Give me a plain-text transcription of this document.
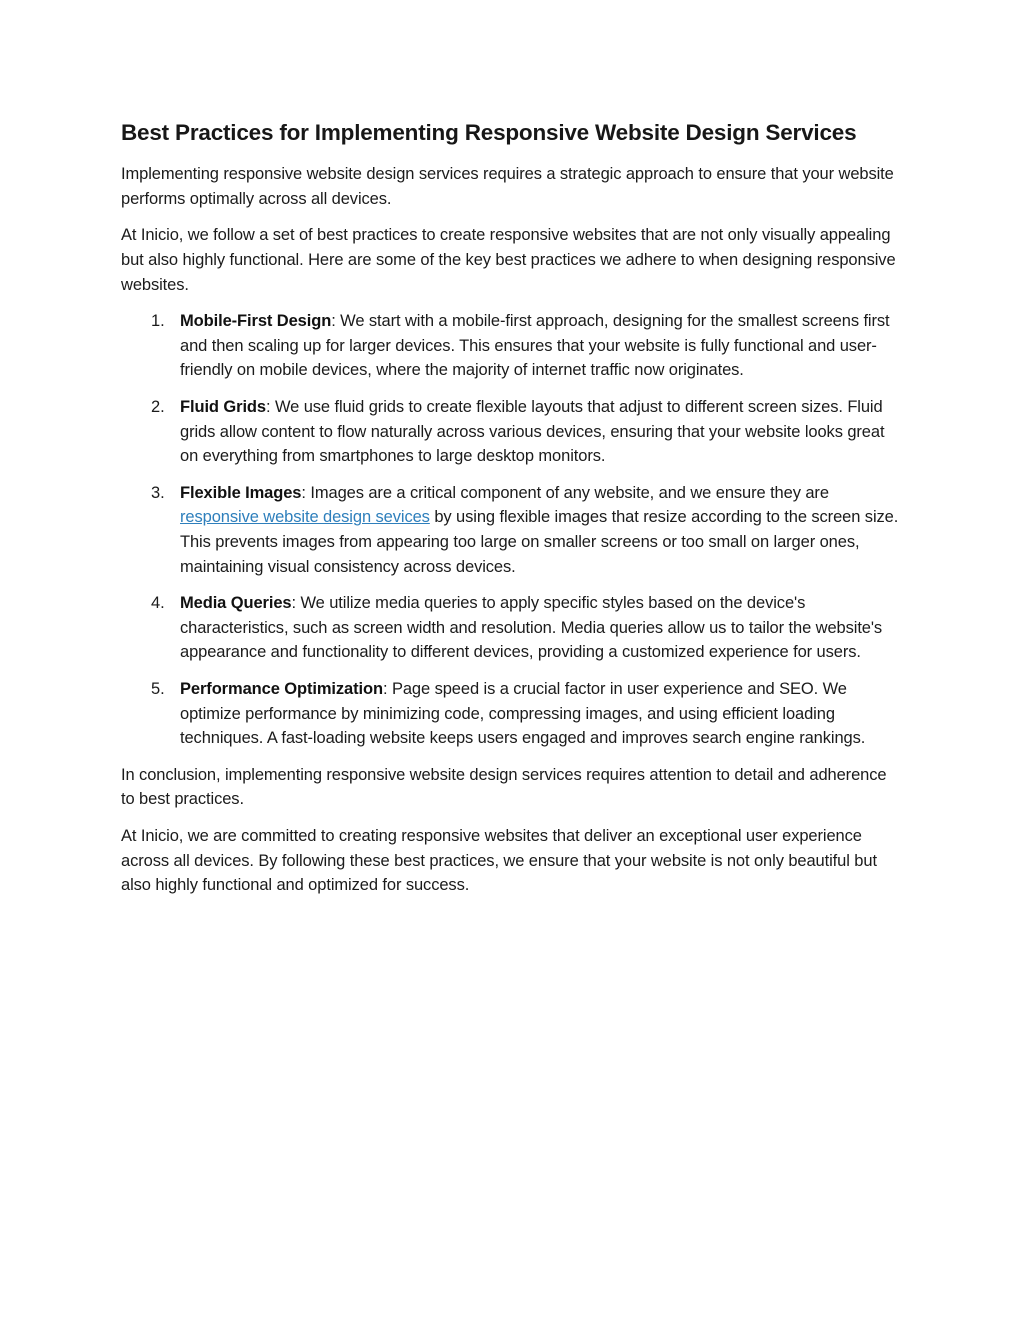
Best Practices for Implementing Responsive Website Design Services

Implementing responsive website design services requires a strategic approach to ensure that your website performs optimally across all devices.

At Inicio, we follow a set of best practices to create responsive websites that are not only visually appealing but also highly functional. Here are some of the key best practices we adhere to when designing responsive websites.

1. Mobile-First Design: We start with a mobile-first approach, designing for the smallest screens first and then scaling up for larger devices. This ensures that your website is fully functional and user-friendly on mobile devices, where the majority of internet traffic now originates.
2. Fluid Grids: We use fluid grids to create flexible layouts that adjust to different screen sizes. Fluid grids allow content to flow naturally across various devices, ensuring that your website looks great on everything from smartphones to large desktop monitors.
3. Flexible Images: Images are a critical component of any website, and we ensure they are responsive website design sevices by using flexible images that resize according to the screen size. This prevents images from appearing too large on smaller screens or too small on larger ones, maintaining visual consistency across devices.
4. Media Queries: We utilize media queries to apply specific styles based on the device's characteristics, such as screen width and resolution. Media queries allow us to tailor the website's appearance and functionality to different devices, providing a customized experience for users.
5. Performance Optimization: Page speed is a crucial factor in user experience and SEO. We optimize performance by minimizing code, compressing images, and using efficient loading techniques. A fast-loading website keeps users engaged and improves search engine rankings.

In conclusion, implementing responsive website design services requires attention to detail and adherence to best practices.

At Inicio, we are committed to creating responsive websites that deliver an exceptional user experience across all devices. By following these best practices, we ensure that your website is not only beautiful but also highly functional and optimized for success.
